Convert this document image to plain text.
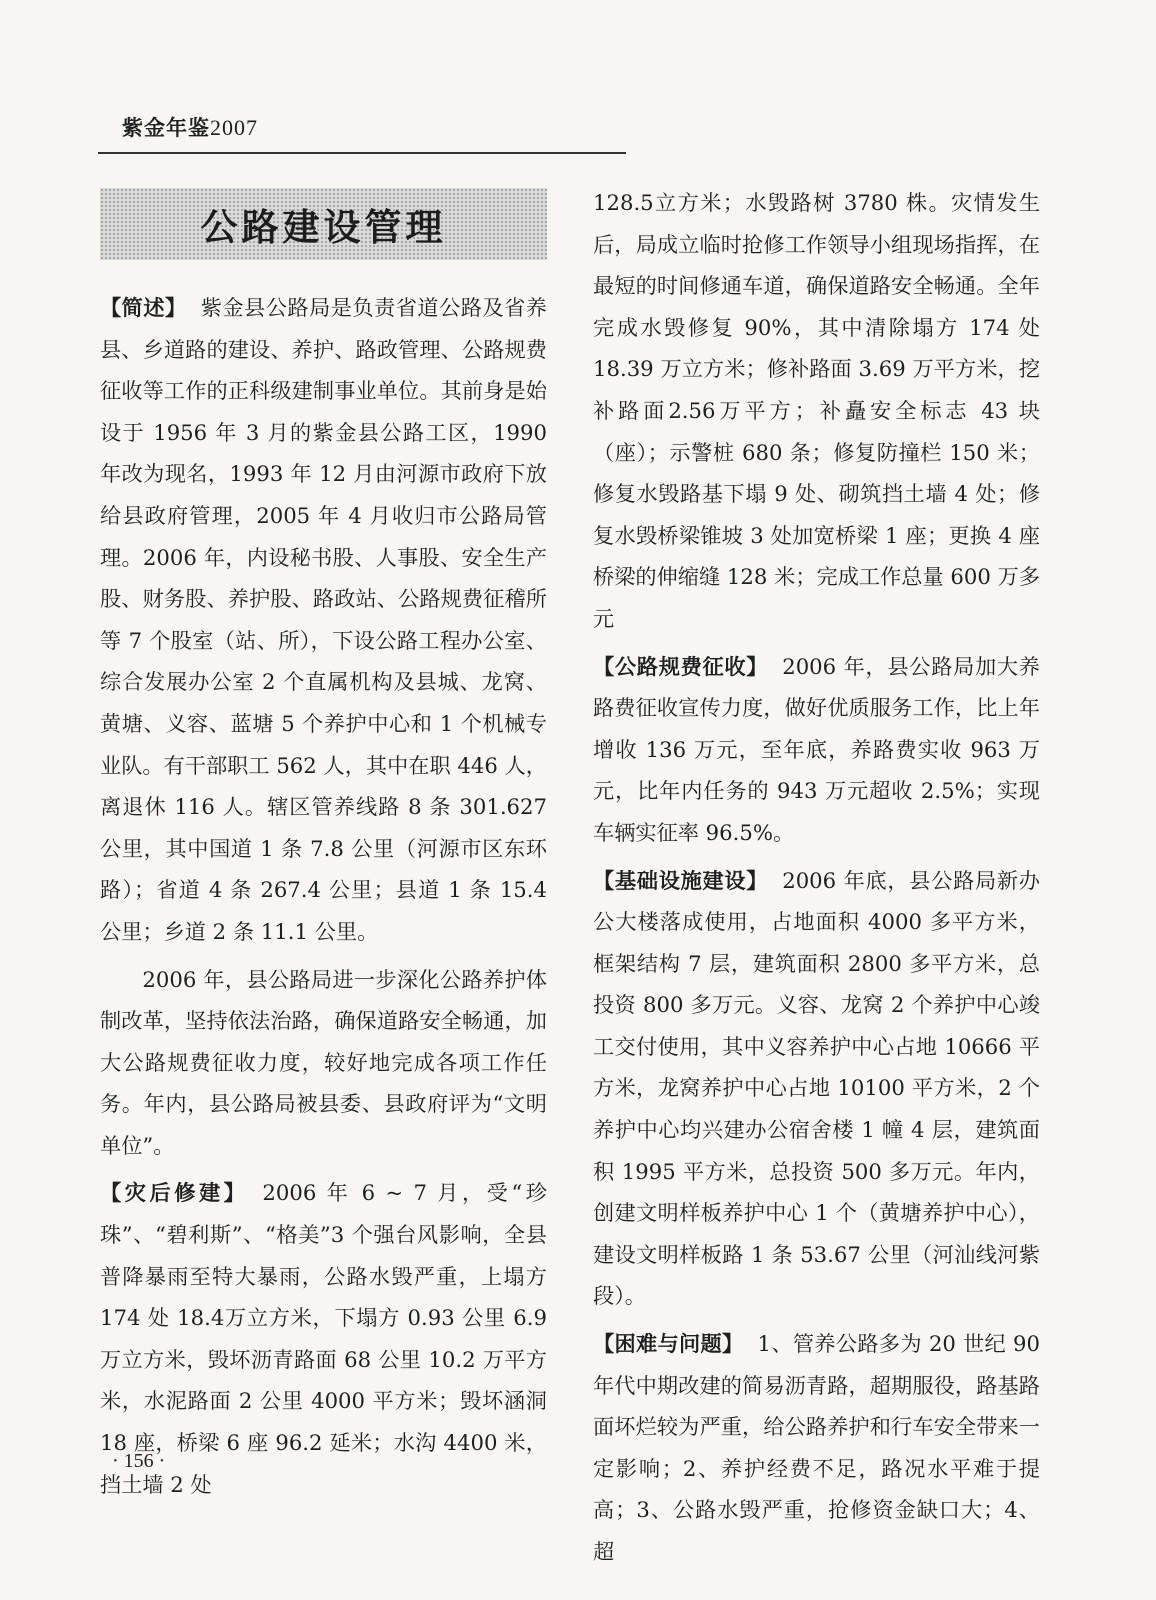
紫金年鉴2007
公路建设管理

【简述】 紫金县公路局是负责省道公路及省养县、乡道路的建设、养护、路政管理、公路规费征收等工作的正科级建制事业单位。其前身是始设于 1956 年 3 月的紫金县公路工区，1990 年改为现名，1993 年 12 月由河源市政府下放给县政府管理，2005 年 4 月收归市公路局管理。2006 年，内设秘书股、人事股、安全生产股、财务股、养护股、路政站、公路规费征稽所等 7 个股室（站、所），下设公路工程办公室、综合发展办公室 2 个直属机构及县城、龙窝、黄塘、义容、蓝塘 5 个养护中心和 1 个机械专业队。有干部职工 562 人，其中在职 446 人，离退休 116 人。辖区管养线路 8 条 301.627 公里，其中国道 1 条 7.8 公里（河源市区东环路）；省道 4 条 267.4 公里；县道 1 条 15.4 公里；乡道 2 条 11.1 公里。

2006 年，县公路局进一步深化公路养护体制改革，坚持依法治路，确保道路安全畅通，加大公路规费征收力度，较好地完成各项工作任务。年内，县公路局被县委、县政府评为“文明单位”。

【灾后修建】 2006 年 6 ~ 7 月，受“珍珠”、“碧利斯”、“格美”3 个强台风影响，全县普降暴雨至特大暴雨，公路水毁严重，上塌方 174 处 18.4万立方米，下塌方 0.93 公里 6.9 万立方米，毁坏沥青路面 68 公里 10.2 万平方米，水泥路面 2 公里 4000 平方米；毁坏涵洞 18 座，桥梁 6 座 96.2 延米；水沟 4400 米，挡土墙 2 处

128.5立方米；水毁路树 3780 株。灾情发生后，局成立临时抢修工作领导小组现场指挥，在最短的时间修通车道，确保道路安全畅通。全年完成水毁修复 90%，其中清除塌方 174 处 18.39 万立方米；修补路面 3.69 万平方米，挖补路面2.56万平方；补矗安全标志 43 块（座）；示警桩 680 条；修复防撞栏 150 米；修复水毁路基下塌 9 处、砌筑挡土墙 4 处；修复水毁桥梁锥坡 3 处加宽桥梁 1 座；更换 4 座桥梁的伸缩缝 128 米；完成工作总量 600 万多元

【公路规费征收】 2006 年，县公路局加大养路费征收宣传力度，做好优质服务工作，比上年增收 136 万元，至年底，养路费实收 963 万元，比年内任务的 943 万元超收 2.5%；实现车辆实征率 96.5%。

【基础设施建设】 2006 年底，县公路局新办公大楼落成使用，占地面积 4000 多平方米，框架结构 7 层，建筑面积 2800 多平方米，总投资 800 多万元。义容、龙窝 2 个养护中心竣工交付使用，其中义容养护中心占地 10666 平方米，龙窝养护中心占地 10100 平方米，2 个养护中心均兴建办公宿舍楼 1 幢 4 层，建筑面积 1995 平方米，总投资 500 多万元。年内，创建文明样板养护中心 1 个（黄塘养护中心），建设文明样板路 1 条 53.67 公里（河汕线河紫段）。

【困难与问题】 1、管养公路多为 20 世纪 90 年代中期改建的简易沥青路，超期服役，路基路面坏烂较为严重，给公路养护和行车安全带来一定影响；2、养护经费不足，路况水平难于提高；3、公路水毁严重，抢修资金缺口大；4、超

· 156 ·
